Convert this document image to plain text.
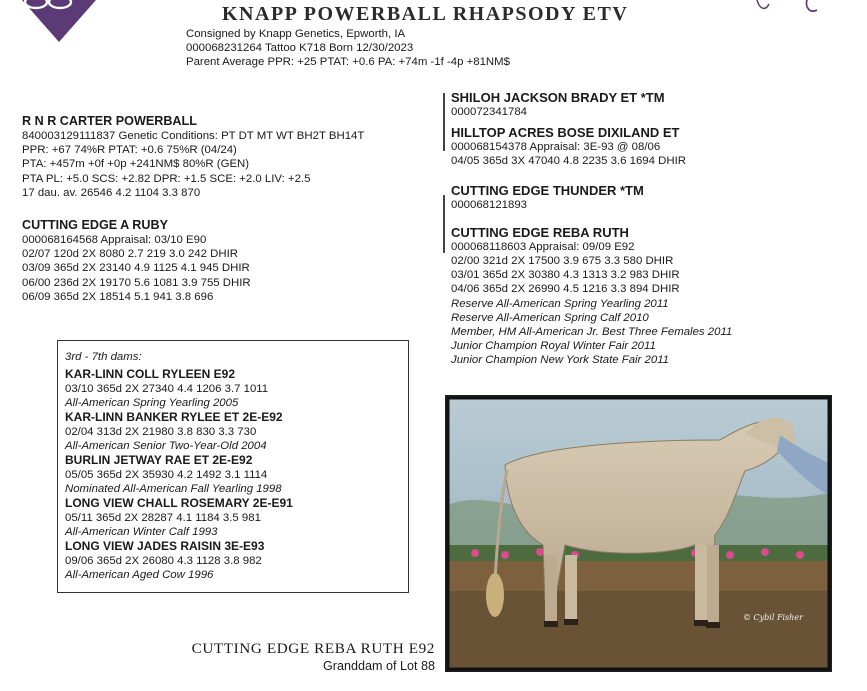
KNAPP POWERBALL RHAPSODY ETV
Consigned by Knapp Genetics, Epworth, IA
000068231264 Tattoo K718 Born 12/30/2023
Parent Average PPR: +25 PTAT: +0.6 PA: +74m -1f -4p +81NM$
R N R CARTER POWERBALL
840003129111837 Genetic Conditions: PT DT MT WT BH2T BH14T
PPR: +67 74%R PTAT: +0.6 75%R (04/24)
PTA: +457m +0f +0p +241NM$ 80%R (GEN)
PTA PL: +5.0 SCS: +2.82 DPR: +1.5 SCE: +2.0 LIV: +2.5
17 dau. av. 26546 4.2 1104 3.3 870
CUTTING EDGE A RUBY
000068164568 Appraisal: 03/10 E90
02/07 120d 2X 8080 2.7 219 3.0 242 DHIR
03/09 365d 2X 23140 4.9 1125 4.1 945 DHIR
06/00 236d 2X 19170 5.6 1081 3.9 755 DHIR
06/09 365d 2X 18514 5.1 941 3.8 696
SHILOH JACKSON BRADY ET *TM
000072341784
HILLTOP ACRES BOSE DIXILAND ET
000068154378 Appraisal: 3E-93 @ 08/06
04/05 365d 3X 47040 4.8 2235 3.6 1694 DHIR
CUTTING EDGE THUNDER *TM
000068121893
CUTTING EDGE REBA RUTH
000068118603 Appraisal: 09/09 E92
02/00 321d 2X 17500 3.9 675 3.3 580 DHIR
03/01 365d 2X 30380 4.3 1313 3.2 983 DHIR
04/06 365d 2X 26990 4.5 1216 3.3 894 DHIR
Reserve All-American Spring Yearling 2011
Reserve All-American Spring Calf 2010
Member, HM All-American Jr. Best Three Females 2011
Junior Champion Royal Winter Fair 2011
Junior Champion New York State Fair 2011
3rd - 7th dams:
KAR-LINN COLL RYLEEN E92
03/10 365d 2X 27340 4.4 1206 3.7 1011
All-American Spring Yearling 2005
KAR-LINN BANKER RYLEE ET 2E-E92
02/04 313d 2X 21980 3.8 830 3.3 730
All-American Senior Two-Year-Old 2004
BURLIN JETWAY RAE ET 2E-E92
05/05 365d 2X 35930 4.2 1492 3.1 1114
Nominated All-American Fall Yearling 1998
LONG VIEW CHALL ROSEMARY 2E-E91
05/11 365d 2X 28287 4.1 1184 3.5 981
All-American Winter Calf 1993
LONG VIEW JADES RAISIN 3E-E93
09/06 365d 2X 26080 4.3 1128 3.8 982
All-American Aged Cow 1996
© Cybil Fisher
CUTTING EDGE REBA RUTH E92
Granddam of Lot 88
